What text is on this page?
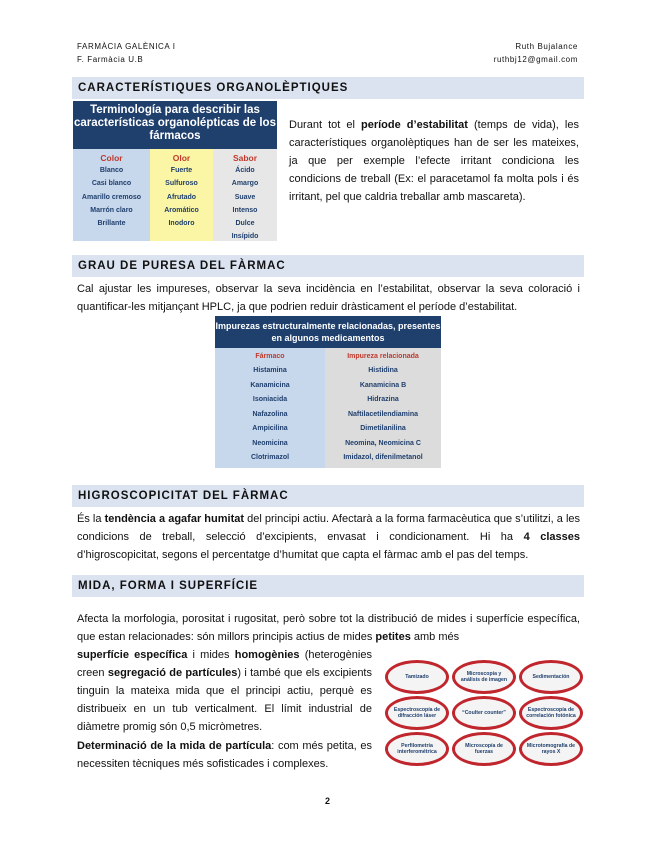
FARMÀCIA GALÈNICA I
F. Farmàcia U.B
Ruth Bujalance
ruthbj12@gmail.com
CARACTERÍSTIQUES ORGANOLÈPTIQUES
Terminología para describir las características organolépticas de los fármacos
Color
Blanco
Casi blanco
Amarillo cremoso
Marrón claro
Brillante
Olor
Fuerte
Sulfuroso
Afrutado
Aromático
Inodoro
Sabor
Ácido
Amargo
Suave
Intenso
Dulce
Insípido

Durant tot el període d’estabilitat (temps de vida), les característiques organolèptiques han de ser les mateixes, ja que per exemple l’efecte irritant condiciona les condicions de treball (Ex: el paracetamol fa molta pols i és irritant, pel que caldria treballar amb mascareta).

GRAU DE PURESA DEL FÀRMAC

Cal ajustar les impureses, observar la seva incidència en l’estabilitat, observar la seva coloració i quantificar-les mitjançant HPLC, ja que podrien reduir dràsticament el període d’estabilitat.

Impurezas estructuralmente relacionadas, presentes en algunos medicamentos
Fármaco
Histamina
Kanamicina
Isoniacida
Nafazolina
Ampicilina
Neomicina
Clotrimazol
Impureza relacionada
Histidina
Kanamicina B
Hidrazina
Naftilacetilendiamina
Dimetilanilina
Neomina, Neomicina C
Imidazol, difenilmetanol
HIGROSCOPICITAT DEL FÀRMAC

És la tendència a agafar humitat del principi actiu. Afectarà a la forma farmacèutica que s’utilitzi, a les condicions de treball, selecció d’excipients, envasat i condicionament. Hi ha 4 classes d’higroscopicitat, segons el percentatge d’humitat que capta el fàrmac amb el pas del temps.

MIDA, FORMA I SUPERFÍCIE

Afecta la morfologia, porositat i rugositat, però sobre tot la distribució de mides i superfície específica, que estan relacionades: són millors principis actius de mides petites amb més

superfície específica i mides homogènies (heterogènies creen segregació de partícules) i també que els excipients tinguin la mateixa mida que el principi actiu, perquè es distribueix en un tub verticalment. El límit industrial de diàmetre promig són 0,5 micròmetres.

Determinació de la mida de partícula: com més petita, es necessiten tècniques més sofisticades i complexes.

Tamizado
Microscopía y análisis de imagen
Sedimentación
Espectroscopía de difracción láser
“Coulter counter”
Espectroscopía de correlación fotónica
Perfilometría interferométrica
Microscopía de fuerzas
Microtomografía de rayos X
2
